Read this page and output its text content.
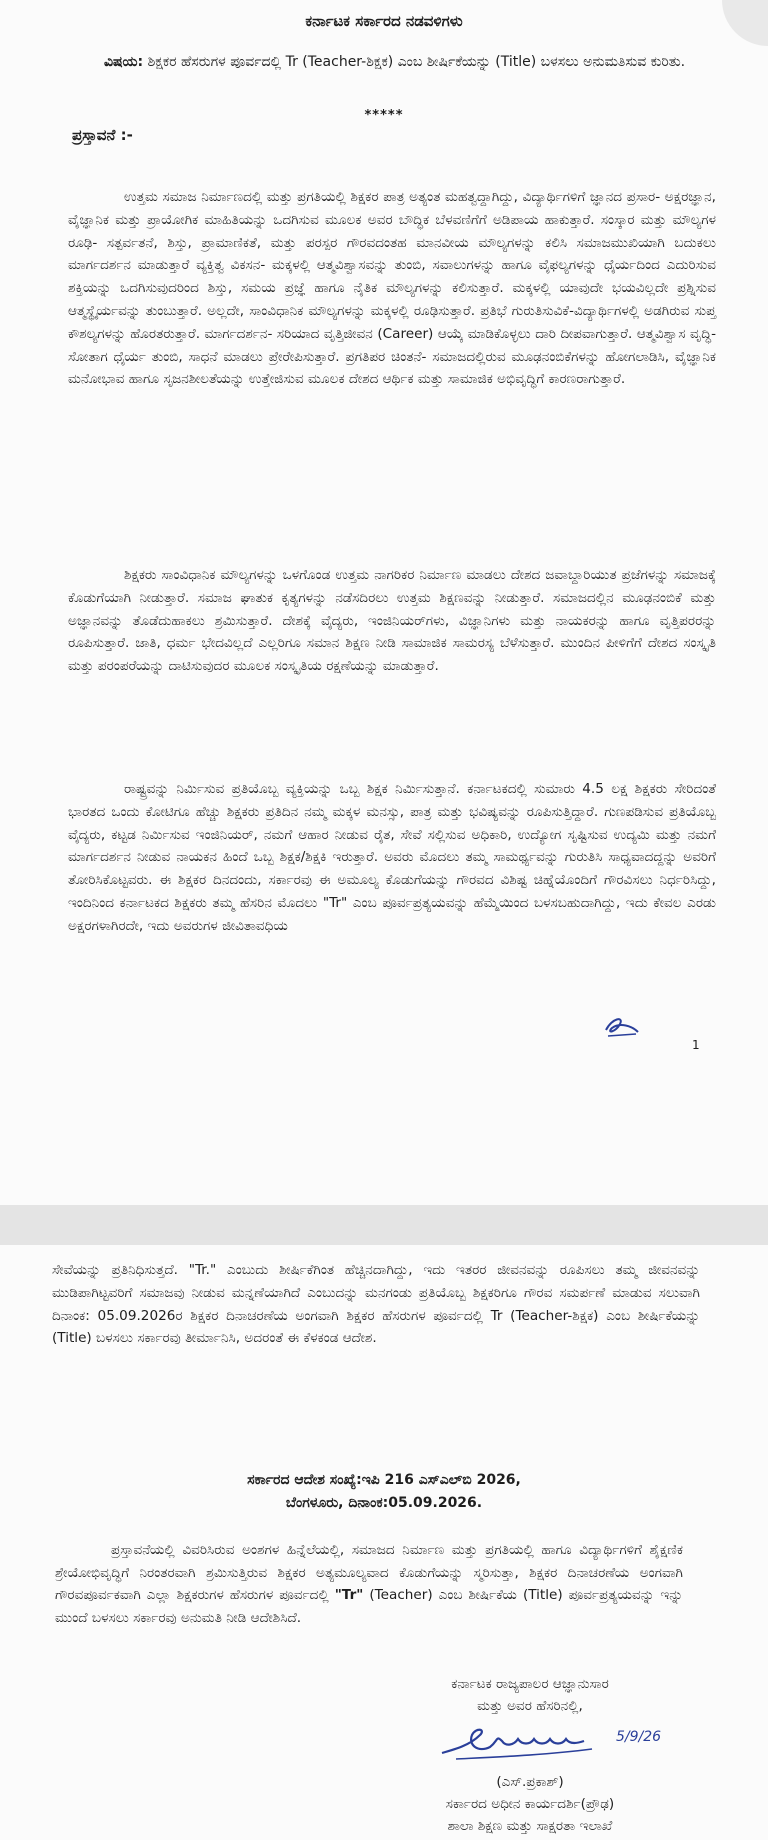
ಕರ್ನಾಟಕ ಸರ್ಕಾರದ ನಡವಳಿಗಳು
ವಿಷಯ: ಶಿಕ್ಷಕರ ಹೆಸರುಗಳ ಪೂರ್ವದಲ್ಲಿ Tr (Teacher-ಶಿಕ್ಷಕ) ಎಂಬ ಶೀರ್ಷಿಕೆಯನ್ನು (Title) ಬಳಸಲು ಅನುಮತಿಸುವ ಕುರಿತು.
*****
ಪ್ರಸ್ತಾವನೆ :-
ಉತ್ತಮ ಸಮಾಜ ನಿರ್ಮಾಣದಲ್ಲಿ ಮತ್ತು ಪ್ರಗತಿಯಲ್ಲಿ ಶಿಕ್ಷಕರ ಪಾತ್ರ ಅತ್ಯಂತ ಮಹತ್ವದ್ದಾಗಿದ್ದು, ವಿದ್ಯಾರ್ಥಿಗಳಿಗೆ ಜ್ಞಾನದ ಪ್ರಸಾರ- ಅಕ್ಷರಜ್ಞಾನ, ವೈಜ್ಞಾನಿಕ ಮತ್ತು ಪ್ರಾಯೋಗಿಕ ಮಾಹಿತಿಯನ್ನು ಒದಗಿಸುವ ಮೂಲಕ ಅವರ ಬೌದ್ಧಿಕ ಬೆಳವಣಿಗೆಗೆ ಅಡಿಪಾಯ ಹಾಕುತ್ತಾರೆ. ಸಂಸ್ಕಾರ ಮತ್ತು ಮೌಲ್ಯಗಳ ರೂಢಿ- ಸತ್ಪರ್ವತನೆ, ಶಿಸ್ತು, ಪ್ರಾಮಾಣಿಕತೆ, ಮತ್ತು ಪರಸ್ಪರ ಗೌರವದಂತಹ ಮಾನವೀಯ ಮೌಲ್ಯಗಳನ್ನು ಕಲಿಸಿ ಸಮಾಜಮುಖಿಯಾಗಿ ಬದುಕಲು ಮಾರ್ಗದರ್ಶನ ಮಾಡುತ್ತಾರೆ ವ್ಯಕ್ತಿತ್ವ ವಿಕಸನ- ಮಕ್ಕಳಲ್ಲಿ ಆತ್ಮವಿಶ್ವಾಸವನ್ನು ತುಂಬಿ, ಸವಾಲುಗಳನ್ನು ಹಾಗೂ ವೈಫಲ್ಯಗಳನ್ನು ಧೈರ್ಯದಿಂದ ಎದುರಿಸುವ ಶಕ್ತಿಯನ್ನು ಒದಗಿಸುವುದರಿಂದ ಶಿಸ್ತು, ಸಮಯ ಪ್ರಜ್ಞೆ ಹಾಗೂ ನೈತಿಕ ಮೌಲ್ಯಗಳನ್ನು ಕಲಿಸುತ್ತಾರೆ. ಮಕ್ಕಳಲ್ಲಿ ಯಾವುದೇ ಭಯವಿಲ್ಲದೇ ಪ್ರಶ್ನಿಸುವ ಆತ್ಮಸ್ಥೈರ್ಯವನ್ನು ತುಂಬುತ್ತಾರೆ. ಅಲ್ಲದೇ, ಸಾಂವಿಧಾನಿಕ ಮೌಲ್ಯಗಳನ್ನು ಮಕ್ಕಳಲ್ಲಿ ರೂಢಿಸುತ್ತಾರೆ. ಪ್ರತಿಭೆ ಗುರುತಿಸುವಿಕೆ-ವಿದ್ಯಾರ್ಥಿಗಳಲ್ಲಿ ಅಡಗಿರುವ ಸುಪ್ತ ಕೌಶಲ್ಯಗಳನ್ನು ಹೊರತರುತ್ತಾರೆ. ಮಾರ್ಗದರ್ಶನ- ಸರಿಯಾದ ವೃತ್ತಿಜೀವನ (Career) ಆಯ್ಕೆ ಮಾಡಿಕೊಳ್ಳಲು ದಾರಿ ದೀಪವಾಗುತ್ತಾರೆ. ಆತ್ಮವಿಶ್ವಾಸ ವೃದ್ಧಿ- ಸೋತಾಗ ಧೈರ್ಯ ತುಂಬಿ, ಸಾಧನೆ ಮಾಡಲು ಪ್ರೇರೇಪಿಸುತ್ತಾರೆ. ಪ್ರಗತಿಪರ ಚಿಂತನೆ- ಸಮಾಜದಲ್ಲಿರುವ ಮೂಢನಂಬಿಕೆಗಳನ್ನು ಹೋಗಲಾಡಿಸಿ, ವೈಜ್ಞಾನಿಕ ಮನೋಭಾವ ಹಾಗೂ ಸೃಜನಶೀಲತೆಯನ್ನು ಉತ್ತೇಜಿಸುವ ಮೂಲಕ ದೇಶದ ಆರ್ಥಿಕ ಮತ್ತು ಸಾಮಾಜಿಕ ಅಭಿವೃದ್ಧಿಗೆ ಕಾರಣರಾಗುತ್ತಾರೆ.
ಶಿಕ್ಷಕರು ಸಾಂವಿಧಾನಿಕ ಮೌಲ್ಯಗಳನ್ನು ಒಳಗೊಂಡ ಉತ್ತಮ ನಾಗರಿಕರ ನಿರ್ಮಾಣ ಮಾಡಲು ದೇಶದ ಜವಾಬ್ದಾರಿಯುತ ಪ್ರಜೆಗಳನ್ನು ಸಮಾಜಕ್ಕೆ ಕೊಡುಗೆಯಾಗಿ ನೀಡುತ್ತಾರೆ. ಸಮಾಜ ಘಾತುಕ ಕೃತ್ಯಗಳನ್ನು ನಡೆಸದಿರಲು ಉತ್ತಮ ಶಿಕ್ಷಣವನ್ನು ನೀಡುತ್ತಾರೆ. ಸಮಾಜದಲ್ಲಿನ ಮೂಢನಂಬಿಕೆ ಮತ್ತು ಅಜ್ಞಾನವನ್ನು ತೊಡೆದುಹಾಕಲು ಶ್ರಮಿಸುತ್ತಾರೆ. ದೇಶಕ್ಕೆ ವೈದ್ಯರು, ಇಂಜಿನಿಯರ್‌ಗಳು, ವಿಜ್ಞಾನಿಗಳು ಮತ್ತು ನಾಯಕರನ್ನು ಹಾಗೂ ವೃತ್ತಿಪರರನ್ನು ರೂಪಿಸುತ್ತಾರೆ. ಜಾತಿ, ಧರ್ಮ ಭೇದವಿಲ್ಲದೆ ಎಲ್ಲರಿಗೂ ಸಮಾನ ಶಿಕ್ಷಣ ನೀಡಿ ಸಾಮಾಜಿಕ ಸಾಮರಸ್ಯ ಬೆಳೆಸುತ್ತಾರೆ. ಮುಂದಿನ ಪೀಳಿಗೆಗೆ ದೇಶದ ಸಂಸ್ಕೃತಿ ಮತ್ತು ಪರಂಪರೆಯನ್ನು ದಾಟಿಸುವುದರ ಮೂಲಕ ಸಂಸ್ಕೃತಿಯ ರಕ್ಷಣೆಯನ್ನು ಮಾಡುತ್ತಾರೆ.
ರಾಷ್ಟ್ರವನ್ನು ನಿರ್ಮಿಸುವ ಪ್ರತಿಯೊಬ್ಬ ವ್ಯಕ್ತಿಯನ್ನು ಒಬ್ಬ ಶಿಕ್ಷಕ ನಿರ್ಮಿಸುತ್ತಾನೆ. ಕರ್ನಾಟಕದಲ್ಲಿ ಸುಮಾರು 4.5 ಲಕ್ಷ ಶಿಕ್ಷಕರು ಸೇರಿದಂತೆ ಭಾರತದ ಒಂದು ಕೋಟಿಗೂ ಹೆಚ್ಚು ಶಿಕ್ಷಕರು ಪ್ರತಿದಿನ ನಮ್ಮ ಮಕ್ಕಳ ಮನಸ್ಸು, ಪಾತ್ರ ಮತ್ತು ಭವಿಷ್ಯವನ್ನು ರೂಪಿಸುತ್ತಿದ್ದಾರೆ. ಗುಣಪಡಿಸುವ ಪ್ರತಿಯೊಬ್ಬ ವೈದ್ಯರು, ಕಟ್ಟಡ ನಿರ್ಮಿಸುವ ಇಂಜಿನಿಯರ್, ನಮಗೆ ಆಹಾರ ನೀಡುವ ರೈತ, ಸೇವೆ ಸಲ್ಲಿಸುವ ಅಧಿಕಾರಿ, ಉದ್ಯೋಗ ಸೃಷ್ಟಿಸುವ ಉದ್ಯಮಿ ಮತ್ತು ನಮಗೆ ಮಾರ್ಗದರ್ಶನ ನೀಡುವ ನಾಯಕನ ಹಿಂದೆ ಒಬ್ಬ ಶಿಕ್ಷಕ/ಶಿಕ್ಷಕಿ ಇರುತ್ತಾರೆ. ಅವರು ಮೊದಲು ತಮ್ಮ ಸಾಮರ್ಥ್ಯವನ್ನು ಗುರುತಿಸಿ ಸಾಧ್ಯವಾದದ್ದನ್ನು ಅವರಿಗೆ ತೋರಿಸಿಕೊಟ್ಟವರು. ಈ ಶಿಕ್ಷಕರ ದಿನದಂದು, ಸರ್ಕಾರವು ಈ ಅಮೂಲ್ಯ ಕೊಡುಗೆಯನ್ನು ಗೌರವದ ವಿಶಿಷ್ಟ ಚಿಹ್ನೆಯೊಂದಿಗೆ ಗೌರವಿಸಲು ನಿರ್ಧರಿಸಿದ್ದು, ಇಂದಿನಿಂದ ಕರ್ನಾಟಕದ ಶಿಕ್ಷಕರು ತಮ್ಮ ಹೆಸರಿನ ಮೊದಲು "Tr" ಎಂಬ ಪೂರ್ವಪ್ರತ್ಯಯವನ್ನು ಹೆಮ್ಮೆಯಿಂದ ಬಳಸಬಹುದಾಗಿದ್ದು, ಇದು ಕೇವಲ ಎರಡು ಅಕ್ಷರಗಳಾಗಿರದೇ, ಇದು ಅವರುಗಳ ಜೀವಿತಾವಧಿಯ
1
ಸೇವೆಯನ್ನು ಪ್ರತಿನಿಧಿಸುತ್ತದೆ. "Tr." ಎಂಬುದು ಶೀರ್ಷಿಕೆಗಿಂತ ಹೆಚ್ಚಿನದಾಗಿದ್ದು, ಇದು ಇತರರ ಜೀವನವನ್ನು ರೂಪಿಸಲು ತಮ್ಮ ಜೀವನವನ್ನು ಮುಡಿಪಾಗಿಟ್ಟವರಿಗೆ ಸಮಾಜವು ನೀಡುವ ಮನ್ನಣೆಯಾಗಿದೆ ಎಂಬುದನ್ನು ಮನಗಂಡು ಪ್ರತಿಯೊಬ್ಬ ಶಿಕ್ಷಕರಿಗೂ ಗೌರವ ಸಮರ್ಪಣೆ ಮಾಡುವ ಸಲುವಾಗಿ ದಿನಾಂಕ: 05.09.2026ರ ಶಿಕ್ಷಕರ ದಿನಾಚರಣೆಯ ಅಂಗವಾಗಿ ಶಿಕ್ಷಕರ ಹೆಸರುಗಳ ಪೂರ್ವದಲ್ಲಿ Tr (Teacher-ಶಿಕ್ಷಕ) ಎಂಬ ಶೀರ್ಷಿಕೆಯನ್ನು (Title) ಬಳಸಲು ಸರ್ಕಾರವು ತೀರ್ಮಾನಿಸಿ, ಅದರಂತೆ ಈ ಕೆಳಕಂಡ ಆದೇಶ.
ಸರ್ಕಾರದ ಆದೇಶ ಸಂಖ್ಯೆ:ಇಪಿ 216 ಎಸ್‌ಎಲ್‌ಬಿ 2026,
ಬೆಂಗಳೂರು, ದಿನಾಂಕ:05.09.2026.
ಪ್ರಸ್ತಾವನೆಯಲ್ಲಿ ವಿವರಿಸಿರುವ ಅಂಶಗಳ ಹಿನ್ನೆಲೆಯಲ್ಲಿ, ಸಮಾಜದ ನಿರ್ಮಾಣ ಮತ್ತು ಪ್ರಗತಿಯಲ್ಲಿ ಹಾಗೂ ವಿದ್ಯಾರ್ಥಿಗಳಿಗೆ ಶೈಕ್ಷಣಿಕ ಶ್ರೇಯೋಭಿವೃದ್ಧಿಗೆ ನಿರಂತರವಾಗಿ ಶ್ರಮಿಸುತ್ತಿರುವ ಶಿಕ್ಷಕರ ಅತ್ಯಮೂಲ್ಯವಾದ ಕೊಡುಗೆಯನ್ನು ಸ್ಮರಿಸುತ್ತಾ, ಶಿಕ್ಷಕರ ದಿನಾಚರಣೆಯ ಅಂಗವಾಗಿ ಗೌರವಪೂರ್ವಕವಾಗಿ ಎಲ್ಲಾ ಶಿಕ್ಷಕರುಗಳ ಹೆಸರುಗಳ ಪೂರ್ವದಲ್ಲಿ "Tr" (Teacher) ಎಂಬ ಶೀರ್ಷಿಕೆಯ (Title) ಪೂರ್ವಪ್ರತ್ಯಯವನ್ನು ಇನ್ನು ಮುಂದೆ ಬಳಸಲು ಸರ್ಕಾರವು ಅನುಮತಿ ನೀಡಿ ಆದೇಶಿಸಿದೆ.
ಕರ್ನಾಟಕ ರಾಜ್ಯಪಾಲರ ಆಜ್ಞಾನುಸಾರ
ಮತ್ತು ಅವರ ಹೆಸರಿನಲ್ಲಿ,
5/9/26
(ಎಸ್.ಪ್ರಕಾಶ್)
ಸರ್ಕಾರದ ಅಧೀನ ಕಾರ್ಯದರ್ಶಿ(ಪ್ರೌಢ)
ಶಾಲಾ ಶಿಕ್ಷಣ ಮತ್ತು ಸಾಕ್ಷರತಾ ಇಲಾಖೆ
